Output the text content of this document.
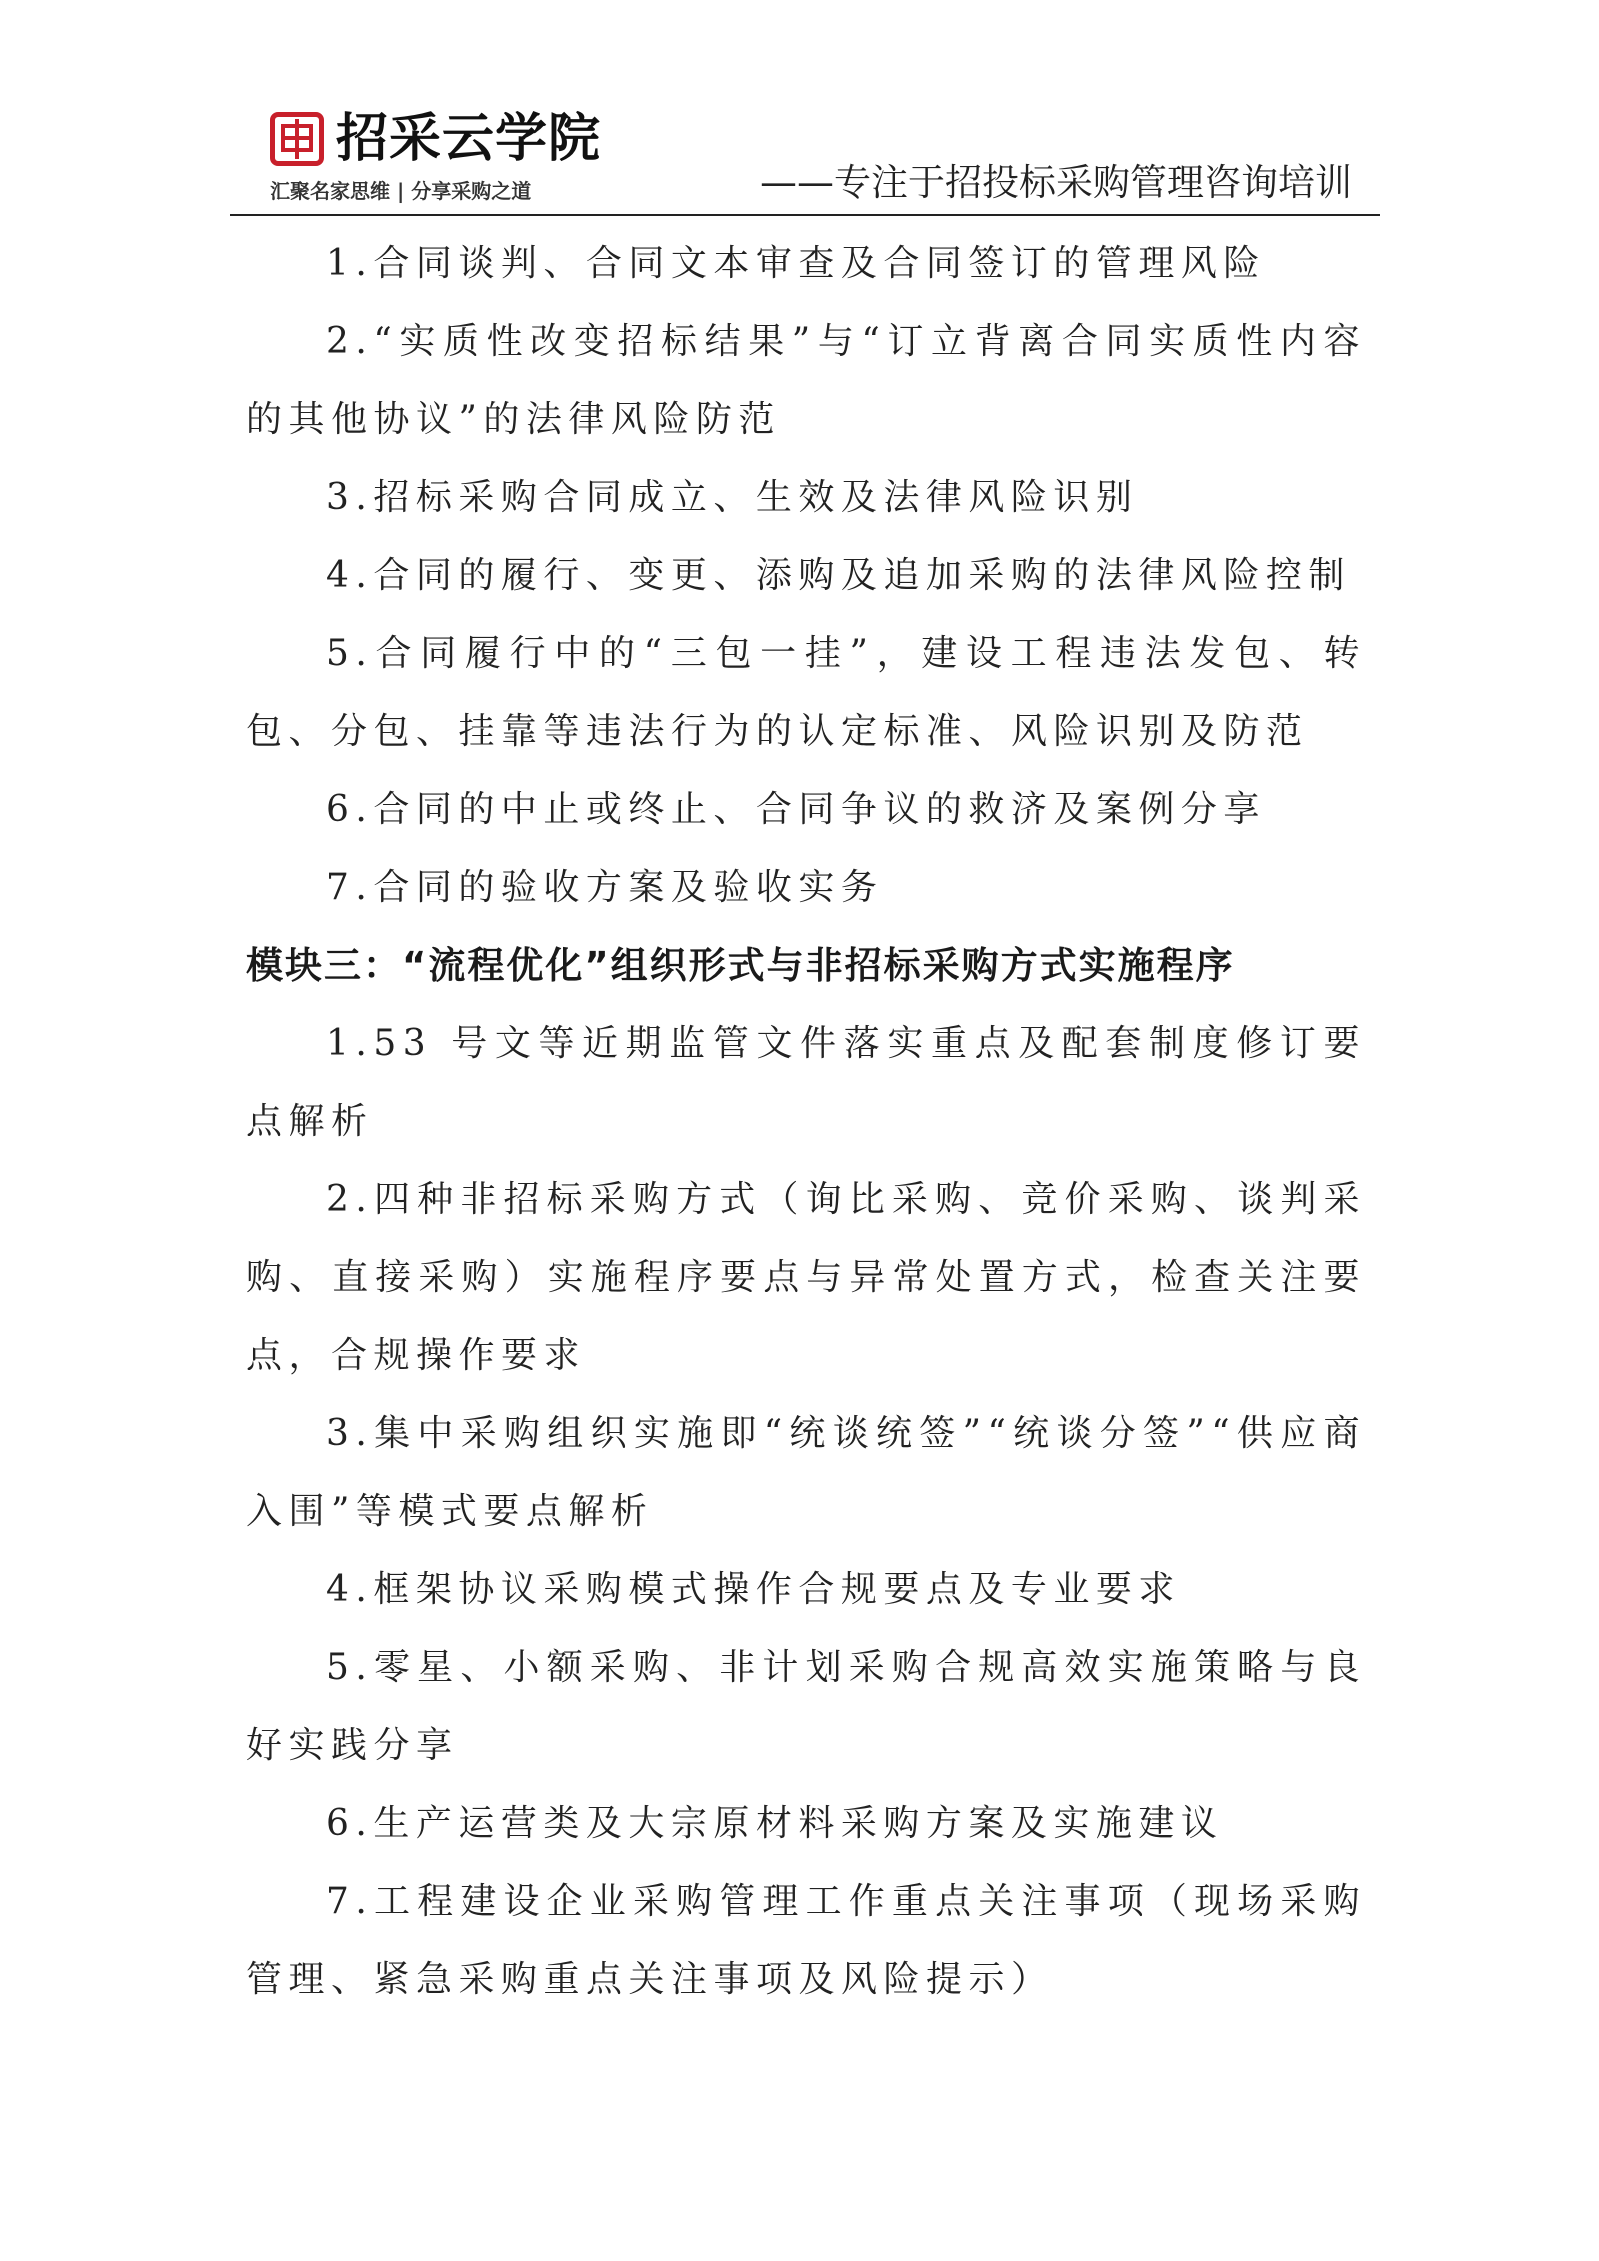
招采云学院
汇聚名家思维 | 分享采购之道	——专注于招投标采购管理咨询培训

1.合同谈判、合同文本审查及合同签订的管理风险

2.“实质性改变招标结果”与“订立背离合同实质性内容的其他协议”的法律风险防范

3.招标采购合同成立、生效及法律风险识别

4.合同的履行、变更、添购及追加采购的法律风险控制

5.合同履行中的“三包一挂”，建设工程违法发包、转包、分包、挂靠等违法行为的认定标准、风险识别及防范

6.合同的中止或终止、合同争议的救济及案例分享

7.合同的验收方案及验收实务

模块三：“流程优化”组织形式与非招标采购方式实施程序

1.53 号文等近期监管文件落实重点及配套制度修订要点解析

2.四种非招标采购方式（询比采购、竞价采购、谈判采购、直接采购）实施程序要点与异常处置方式，检查关注要点，合规操作要求

3.集中采购组织实施即“统谈统签”“统谈分签”“供应商入围”等模式要点解析

4.框架协议采购模式操作合规要点及专业要求

5.零星、小额采购、非计划采购合规高效实施策略与良好实践分享

6.生产运营类及大宗原材料采购方案及实施建议

7.工程建设企业采购管理工作重点关注事项（现场采购管理、紧急采购重点关注事项及风险提示）
